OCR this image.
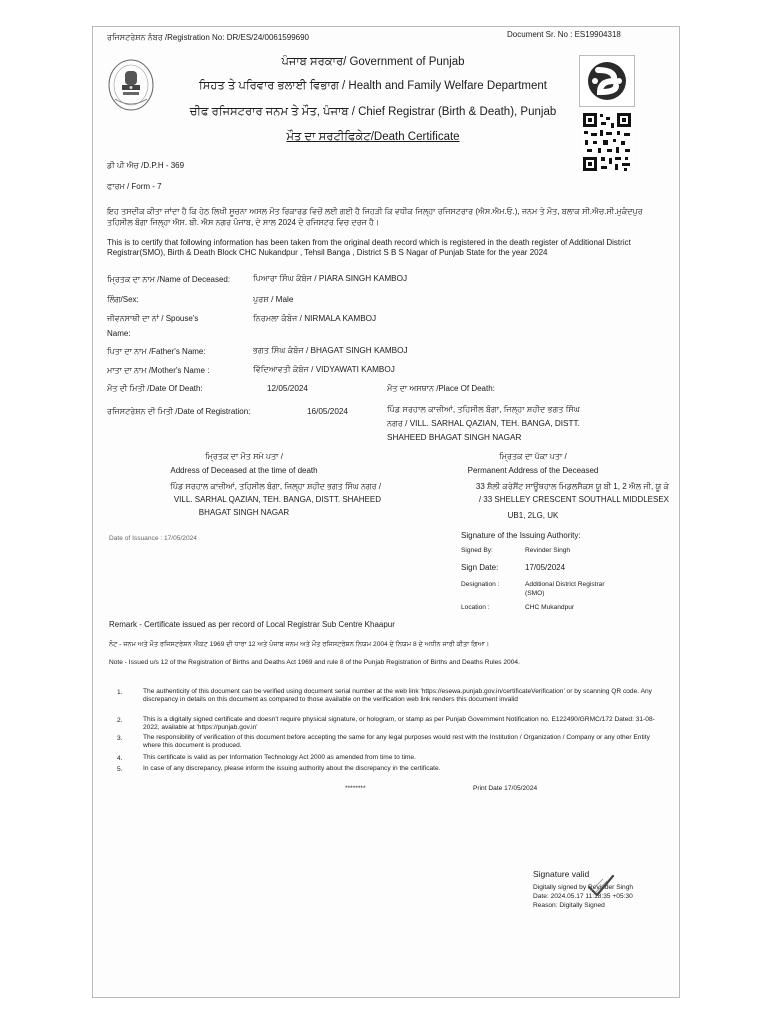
ਰਜਿਸਟਰੇਸ਼ਨ ਨੰਬਰ /Registration No: DR/ES/24/0061599690	Document Sr. No : ES19904318
ਪੰਜਾਬ ਸਰਕਾਰ/ Government of Punjab
ਸਿਹਤ ਤੇ ਪਰਿਵਾਰ ਭਲਾਈ ਵਿਭਾਗ / Health and Family Welfare Department
ਚੀਫ ਰਜਿਸਟਰਾਰ ਜਨਮ ਤੇ ਮੌਤ, ਪੰਜਾਬ / Chief Registrar (Birth & Death), Punjab
ਮੌਤ ਦਾ ਸਰਟੀਫਿਕੇਟ/Death Certificate
ਡੀ ਪੀ ਐਚ /D.P.H - 369
ਫਾਰਮ / Form - 7
ਇਹ ਤਸਦੀਕ ਕੀਤਾ ਜਾਂਦਾ ਹੈ ਕਿ ਹੇਠ ਲਿਖੀ ਸੂਚਨਾ ਅਸਲ ਮੌਤ ਰਿਕਾਰਡ ਵਿਚੋਂ ਲਈ ਗਈ ਹੈ ਜਿਹੜੀ ਕਿ ਵਧੀਕ ਜਿਲ੍ਹਾ ਰਜਿਸਟਰਾਰ (ਐਸ.ਐਮ.ਓ.), ਜਨਮ ਤੇ ਮੌਤ, ਬਲਾਕ ਸੀ.ਐਚ.ਸੀ.ਮੁਕੰਦਪੁਰ ਤਹਿਸੀਲ ਬੰਗਾ ਜਿਲ੍ਹਾ ਐਸ. ਬੀ. ਐਸ ਨਗਰ ਪੰਜਾਬ, ਦੇ ਸਾਲ 2024 ਦੇ ਰਜਿਸਟਰ ਵਿਚ ਦਰਜ ਹੈ।
This is to certify that following information has been taken from the original death record which is registered in the death register of Additional District Registrar(SMO), Birth & Death Block CHC Nukandpur , Tehsil Banga , District S B S Nagar of Punjab State for the year 2024
ਮ੍ਰਿਤਕ ਦਾ ਨਾਮ /Name of Deceased:	ਪਿਆਰਾ ਸਿੰਘ ਕੰਬੋਜ / PIARA SINGH KAMBOJ
ਲਿੰਗ/Sex:	ਪੁਰਸ਼ / Male
ਜੀਵਨਸਾਥੀ ਦਾ ਨਾਂ / Spouse's
Name:
ਨਿਰਮਲਾ ਕੰਬੋਜ / NIRMALA KAMBOJ
ਪਿਤਾ ਦਾ ਨਾਮ /Father's Name:	ਭਗਤ ਸਿੰਘ ਕੰਬੋਜ / BHAGAT SINGH KAMBOJ
ਮਾਤਾ ਦਾ ਨਾਮ /Mother's Name :	ਵਿੱਦਿਆਵਤੀ ਕੰਬੋਜ / VIDYAWATI KAMBOJ
ਮੌਤ ਦੀ ਮਿਤੀ /Date Of Death:	12/05/2024	ਮੌਤ ਦਾ ਅਸਥਾਨ /Place Of Death:
ਪਿੰਡ ਸਰਹਾਲ ਕਾਜ਼ੀਆਂ, ਤਹਿਸੀਲ ਬੰਗਾ, ਜਿਲ੍ਹਾ ਸ਼ਹੀਦ ਭਗਤ ਸਿੰਘ
ਨਗਰ / VILL. SARHAL QAZIAN, TEH. BANGA, DISTT.
SHAHEED BHAGAT SINGH NAGAR
ਰਜਿਸਟਰੇਸ਼ਨ ਦੀ ਮਿਤੀ /Date of Registration:	16/05/2024
ਮ੍ਰਿਤਕ ਦਾ ਮੌਤ ਸਮੇ ਪਤਾ /
Address of Deceased at the time of death
ਪਿੰਡ ਸਰਹਾਲ ਕਾਜ਼ੀਆਂ, ਤਹਿਸੀਲ ਬੰਗਾ, ਜਿਲ੍ਹਾ ਸ਼ਹੀਦ ਭਗਤ ਸਿੰਘ ਨਗਰ /
VILL. SARHAL QAZIAN, TEH. BANGA, DISTT. SHAHEED
BHAGAT SINGH NAGAR
ਮ੍ਰਿਤਕ ਦਾ ਪੱਕਾ ਪਤਾ /
Permanent Address of the Deceased
33 ਸ਼ੈਲੀ ਕਰੇਸੈਂਟ ਸਾਊਥਹਾਲ ਮਿਡਲਸੈਕਸ ਯੂ ਬੀ 1, 2 ਐਲ ਜੀ, ਯੂ ਕੇ
/ 33 SHELLEY CRESCENT SOUTHALL MIDDLESEX
UB1, 2LG, UK
Date of Issuance : 17/05/2024	Signature of the Issuing Authority:
Signed By:	Revinder Singh
Sign Date:	17/05/2024
Designation :	Additional District Registrar
(SMO)
Location :	CHC Mukandpur
Remark - Certificate issued as per record of Local Registrar Sub Centre Khaapur
ਨੋਟ - ਜਨਮ ਅਤੇ ਮੌਤ ਰਜਿਸਟਰੇਸ਼ਨ ਐਕਟ 1969 ਦੀ ਧਾਰਾ 12 ਅਤੇ ਪੰਜਾਬ ਜਨਮ ਅਤੇ ਮੌਤ ਰਜਿਸਟਰੇਸ਼ਨ ਨਿਯਮ 2004 ਦੇ ਨਿਯਮ 8 ਦੇ ਅਧੀਨ ਜਾਰੀ ਕੀਤਾ ਗਿਆ।
Note - Issued u/s 12 of the Registration of Births and Deaths Act 1969 and rule 8 of the Punjab Registration of Births and Deaths Rules 2004.
1.	The authenticity of this document can be verified using document serial number at the web link 'https://esewa.punjab.gov.in/certificateVerification' or by scanning QR code. Any discrepancy in details on this document as compared to those available on the verification web link renders this document invalid
2.	This is a digitally signed certificate and doesn't require physical signature, or hologram, or stamp as per Punjab Government Notification no. E122490/GRMC/172 Dated: 31-08-2022, available at 'https://punjab.gov.in'
3.	The responsibility of verification of this document before accepting the same for any legal purposes would rest with the Institution / Organization / Company or any other Entity where this document is produced.
4.	This certificate is valid as per Information Technology Act 2000 as amended from time to time.
5.	In case of any discrepancy, please inform the issuing authority about the discrepancy in the certificate.
********	Print Date 17/05/2024
Signature valid
Digitally signed by Revinder Singh
Date: 2024.05.17 11:18:35 +05:30
Reason: Digitally Signed
